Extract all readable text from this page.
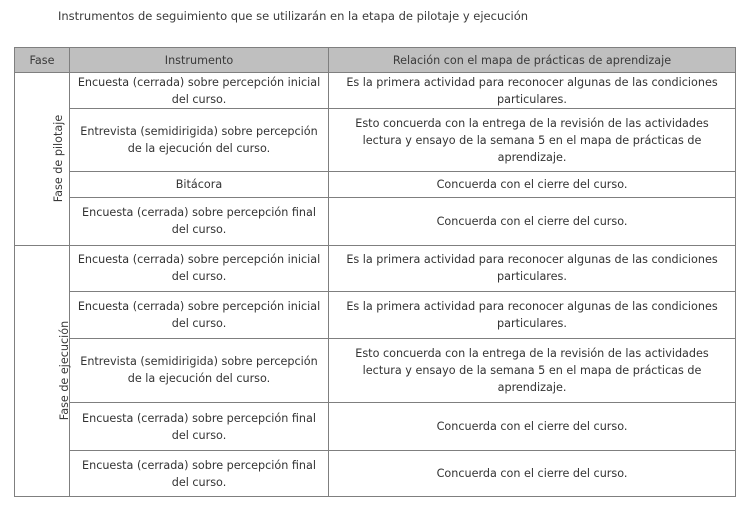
Instrumentos de seguimiento que se utilizarán en la etapa de pilotaje y ejecución
Fase	Instrumento	Relación con el mapa de prácticas de aprendizaje
Fase de pilotaje	Encuesta (cerrada) sobre percepción inicial del curso.	Es la primera actividad para reconocer algunas de las condiciones particulares.
	Entrevista (semidirigida) sobre percepción de la ejecución del curso.	Esto concuerda con la entrega de la revisión de las actividades lectura y ensayo de la semana 5 en el mapa de prácticas de aprendizaje.
	Bitácora	Concuerda con el cierre del curso.
	Encuesta (cerrada) sobre percepción final del curso.	Concuerda con el cierre del curso.
Fase de ejecución	Encuesta (cerrada) sobre percepción inicial del curso.	Es la primera actividad para reconocer algunas de las condiciones particulares.
	Encuesta (cerrada) sobre percepción inicial del curso.	Es la primera actividad para reconocer algunas de las condiciones particulares.
	Entrevista (semidirigida) sobre percepción de la ejecución del curso.	Esto concuerda con la entrega de la revisión de las actividades lectura y ensayo de la semana 5 en el mapa de prácticas de aprendizaje.
	Encuesta (cerrada) sobre percepción final del curso.	Concuerda con el cierre del curso.
	Encuesta (cerrada) sobre percepción final del curso.	Concuerda con el cierre del curso.
